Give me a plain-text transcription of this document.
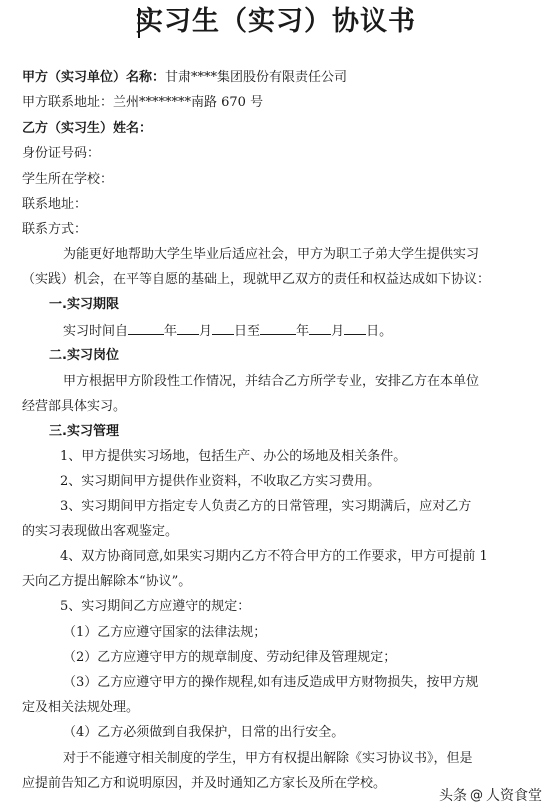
实习生（实习）协议书
甲方（实习单位）名称：甘肃****集团股份有限责任公司
甲方联系地址：兰州********南路 670 号
乙方（实习生）姓名：
身份证号码：
学生所在学校：
联系地址：
联系方式：
为能更好地帮助大学生毕业后适应社会，甲方为职工子弟大学生提供实习
（实践）机会，在平等自愿的基础上，现就甲乙双方的责任和权益达成如下协议：
一.实习期限
实习时间自	年 月 日至	年 月 日。
二.实习岗位
甲方根据甲方阶段性工作情况，并结合乙方所学专业，安排乙方在本单位
经营部具体实习。
三.实习管理
1、甲方提供实习场地，包括生产、办公的场地及相关条件。
2、实习期间甲方提供作业资料，不收取乙方实习费用。
3、实习期间甲方指定专人负责乙方的日常管理，实习期满后，应对乙方
的实习表现做出客观鉴定。
4、双方协商同意,如果实习期内乙方不符合甲方的工作要求，甲方可提前 1
天向乙方提出解除本“协议”。
5、实习期间乙方应遵守的规定：
（1）乙方应遵守国家的法律法规；
（2）乙方应遵守甲方的规章制度、劳动纪律及管理规定；
（3）乙方应遵守甲方的操作规程,如有违反造成甲方财物损失，按甲方规
定及相关法规处理。
（4）乙方必须做到自我保护，日常的出行安全。
对于不能遵守相关制度的学生，甲方有权提出解除《实习协议书》，但是
应提前告知乙方和说明原因，并及时通知乙方家长及所在学校。
头条 @ 人资食堂
